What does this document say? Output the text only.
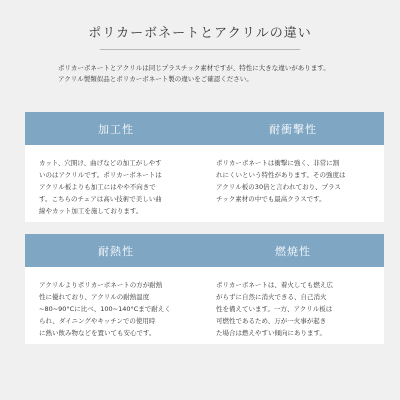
ポリカーボネートとアクリルの違い

ポリカーボネートとアクリルは同じプラスチック素材ですが、特性に大きな違いがあります。

アクリル製類似品とポリカーボネート製の違いをご確認ください。

加工性

カット、穴開け、曲げなどの加工がしやす

いのはアクリルです。ポリカーボネートは

アクリル板よりも加工にはやや不向きで

す。こちらのチェアは高い技術で美しい曲

線やカット加工を施しております。

耐衝撃性

ポリカーボネートは衝撃に強く、非常に割

れにくいという特性があります。その強度は

アクリル板の30倍と言われており、プラス

チック素材の中でも最高クラスです。

耐熱性

アクリルよりポリカーボネートの方が耐熱

性に優れており、アクリルの耐熱温度

~80~90°Cに比べ、100~140°Cまで耐えく

られ、ダイニングやキッチンでの使用時

に熱い飲み物などを置いても安心です。

燃焼性

ポリカーボネートは、着火しても燃え広

がらずに自然に消火できる、自己消火

性を備えています。一方、アクリル板は

可燃性であるため、万が一火事が起き

た場合は燃えやすい傾向にあります。
